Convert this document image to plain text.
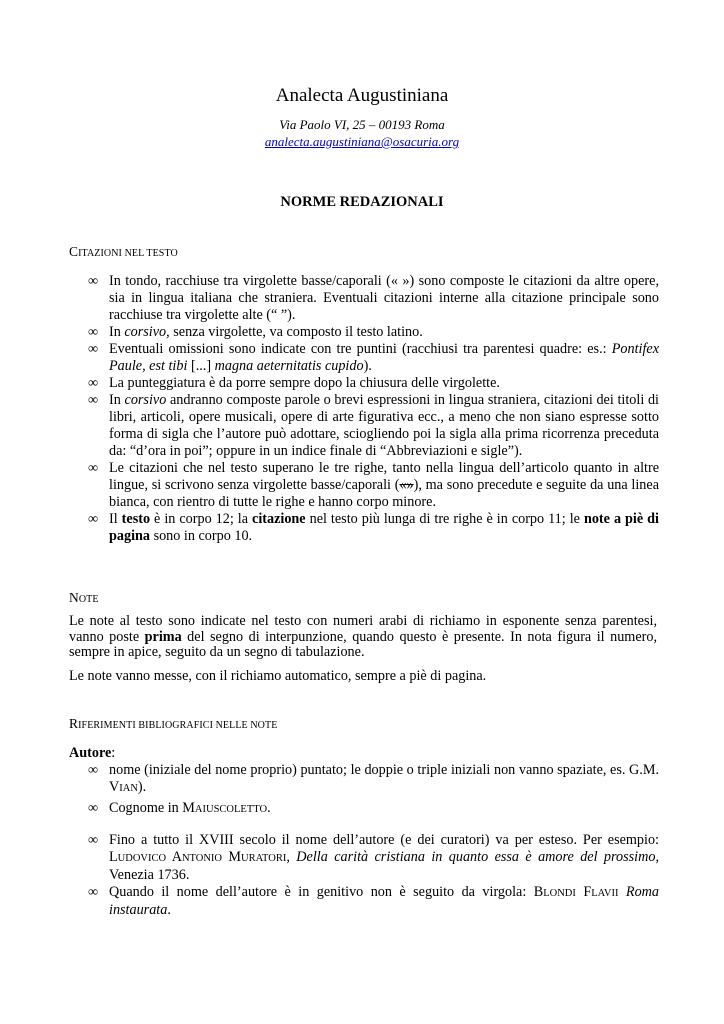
Analecta Augustiniana
Via Paolo VI, 25 – 00193 Roma
analecta.augustiniana@osacuria.org
NORME REDAZIONALI
CITAZIONI NEL TESTO
∞ In tondo, racchiuse tra virgolette basse/caporali (« ») sono composte le citazioni da altre opere, sia in lingua italiana che straniera. Eventuali citazioni interne alla citazione principale sono racchiuse tra virgolette alte (“ ”).
∞ In corsivo, senza virgolette, va composto il testo latino.
∞ Eventuali omissioni sono indicate con tre puntini (racchiusi tra parentesi quadre: es.: Pontifex Paule, est tibi [...] magna aeternitatis cupido).
∞ La punteggiatura è da porre sempre dopo la chiusura delle virgolette.
∞ In corsivo andranno composte parole o brevi espressioni in lingua straniera, citazioni dei titoli di libri, articoli, opere musicali, opere di arte figurativa ecc., a meno che non siano espresse sotto forma di sigla che l’autore può adottare, sciogliendo poi la sigla alla prima ricorrenza preceduta da: “d’ora in poi”; oppure in un indice finale di “Abbreviazioni e sigle”).
∞ Le citazioni che nel testo superano le tre righe, tanto nella lingua dell’articolo quanto in altre lingue, si scrivono senza virgolette basse/caporali («»), ma sono precedute e seguite da una linea bianca, con rientro di tutte le righe e hanno corpo minore.
∞ Il testo è in corpo 12; la citazione nel testo più lunga di tre righe è in corpo 11; le note a piè di pagina sono in corpo 10.
NOTE

Le note al testo sono indicate nel testo con numeri arabi di richiamo in esponente senza parentesi, vanno poste prima del segno di interpunzione, quando questo è presente. In nota figura il numero, sempre in apice, seguito da un segno di tabulazione.

Le note vanno messe, con il richiamo automatico, sempre a piè di pagina.

RIFERIMENTI BIBLIOGRAFICI NELLE NOTE
Autore:
∞ nome (iniziale del nome proprio) puntato; le doppie o triple iniziali non vanno spaziate, es. G.M. VIAN).
∞ Cognome in MAIUSCOLETTO.
∞ Fino a tutto il XVIII secolo il nome dell’autore (e dei curatori) va per esteso. Per esempio: LUDOVICO ANTONIO MURATORI, Della carità cristiana in quanto essa è amore del prossimo, Venezia 1736.
∞ Quando il nome dell’autore è in genitivo non è seguito da virgola: BLONDI FLAVII Roma instaurata.
